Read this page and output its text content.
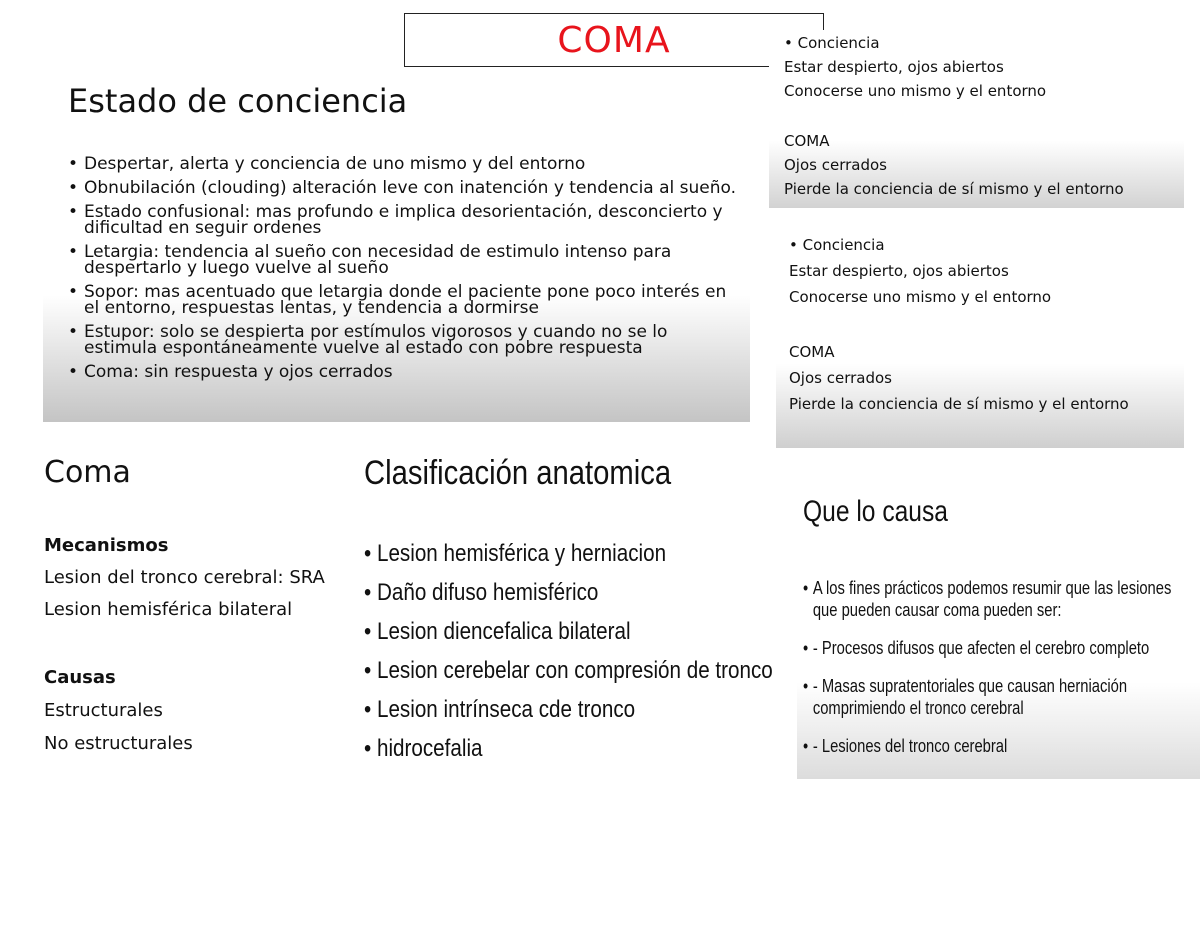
COMA	• Conciencia
Estar despierto, ojos abiertos
Conocerse uno mismo y el entorno
COMA
Ojos cerrados
Pierde la conciencia de sí mismo y el entorno
• Conciencia
Estar despierto, ojos abiertos
Conocerse uno mismo y el entorno
COMA
Ojos cerrados
Pierde la conciencia de sí mismo y el entorno
Estado de conciencia
• Despertar, alerta y conciencia de uno mismo y del entorno
• Obnubilación (clouding) alteración leve con inatención y tendencia al sueño.
• Estado confusional: mas profundo e implica desorientación, desconcierto y dificultad en seguir ordenes
• Letargia: tendencia al sueño con necesidad de estimulo intenso para despertarlo y luego vuelve al sueño
• Sopor: mas acentuado que letargia donde el paciente pone poco interés en el entorno, respuestas lentas, y tendencia a dormirse
• Estupor: solo se despierta por estímulos vigorosos y cuando no se lo estimula espontáneamente vuelve al estado con pobre respuesta
• Coma: sin respuesta y ojos cerrados
Coma
Mecanismos
Lesion del tronco cerebral: SRA
Lesion hemisférica bilateral
Causas
Estructurales
No estructurales
Clasificación anatomica
• Lesion hemisférica y herniacion
• Daño difuso hemisférico
• Lesion diencefalica bilateral
• Lesion cerebelar con compresión de tronco
• Lesion intrínseca cde tronco
• hidrocefalia
Que lo causa
• A los fines prácticos podemos resumir que las lesiones que pueden causar coma pueden ser:
• - Procesos difusos que afecten el cerebro completo
• - Masas supratentoriales que causan herniación comprimiendo el tronco cerebral
• - Lesiones del tronco cerebral
